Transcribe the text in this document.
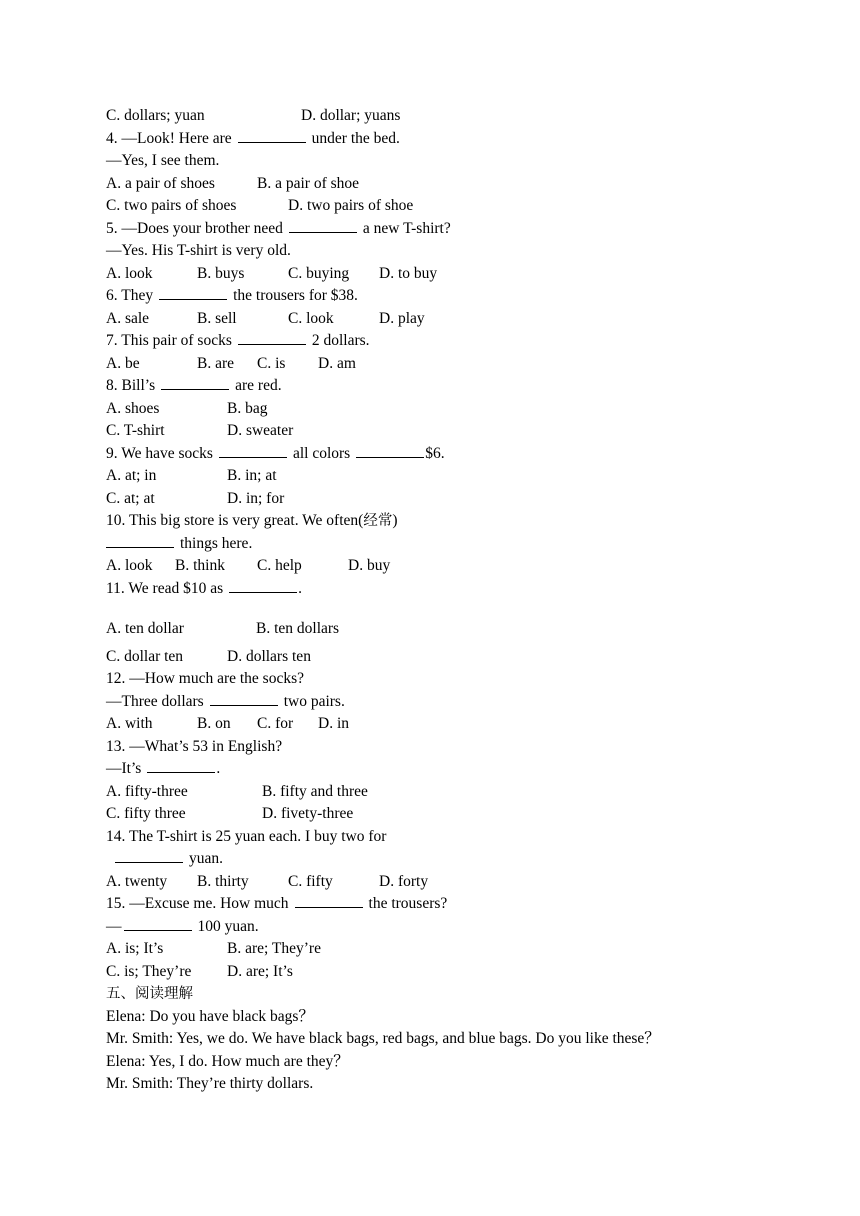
C. dollars; yuan	D. dollar; yuans
4. —Look! Here are	under the bed.
—Yes, I see them.
A. a pair of shoes	B. a pair of shoe
C. two pairs of shoes	D. two pairs of shoe
5. —Does your brother need	a new T-shirt?
—Yes. His T-shirt is very old.
A. look	B. buys	C. buying D. to buy
6. They	the trousers for $38.
A. sale	B. sell	C. look	D. play
7. This pair of socks	2 dollars.
A. be	B. are C. is D. am
8. Bill’s	are red.
A. shoes	B. bag
C. T-shirt	D. sweater
9. We have socks	all colors	$6.
A. at; in	B. in; at
C. at; at	D. in; for
10. This big store is very great. We often(经常)
things here.
A. look B. think C. help	D. buy
11. We read $10 as	.
A. ten dollar	B. ten dollars
C. dollar ten	D. dollars ten
12. —How much are the socks?
—Three dollars	two pairs.
A. with	B. on C. for D. in
13. —What’s 53 in English?
—It’s	.
A. fifty-three	B. fifty and three
C. fifty three	D. fivety-three
14. The T-shirt is 25 yuan each. I buy two for
yuan.
A. twenty B. thirty	C. fifty	D. forty
15. —Excuse me. How much	the trousers?
—	100 yuan.
A. is; It’s	B. are; They’re
C. is; They’re D. are; It’s
五、阅读理解
Elena: Do you have black bags？
Mr. Smith: Yes, we do. We have black bags, red bags, and blue bags. Do you like these？
Elena: Yes, I do. How much are they？
Mr. Smith: They’re thirty dollars.
